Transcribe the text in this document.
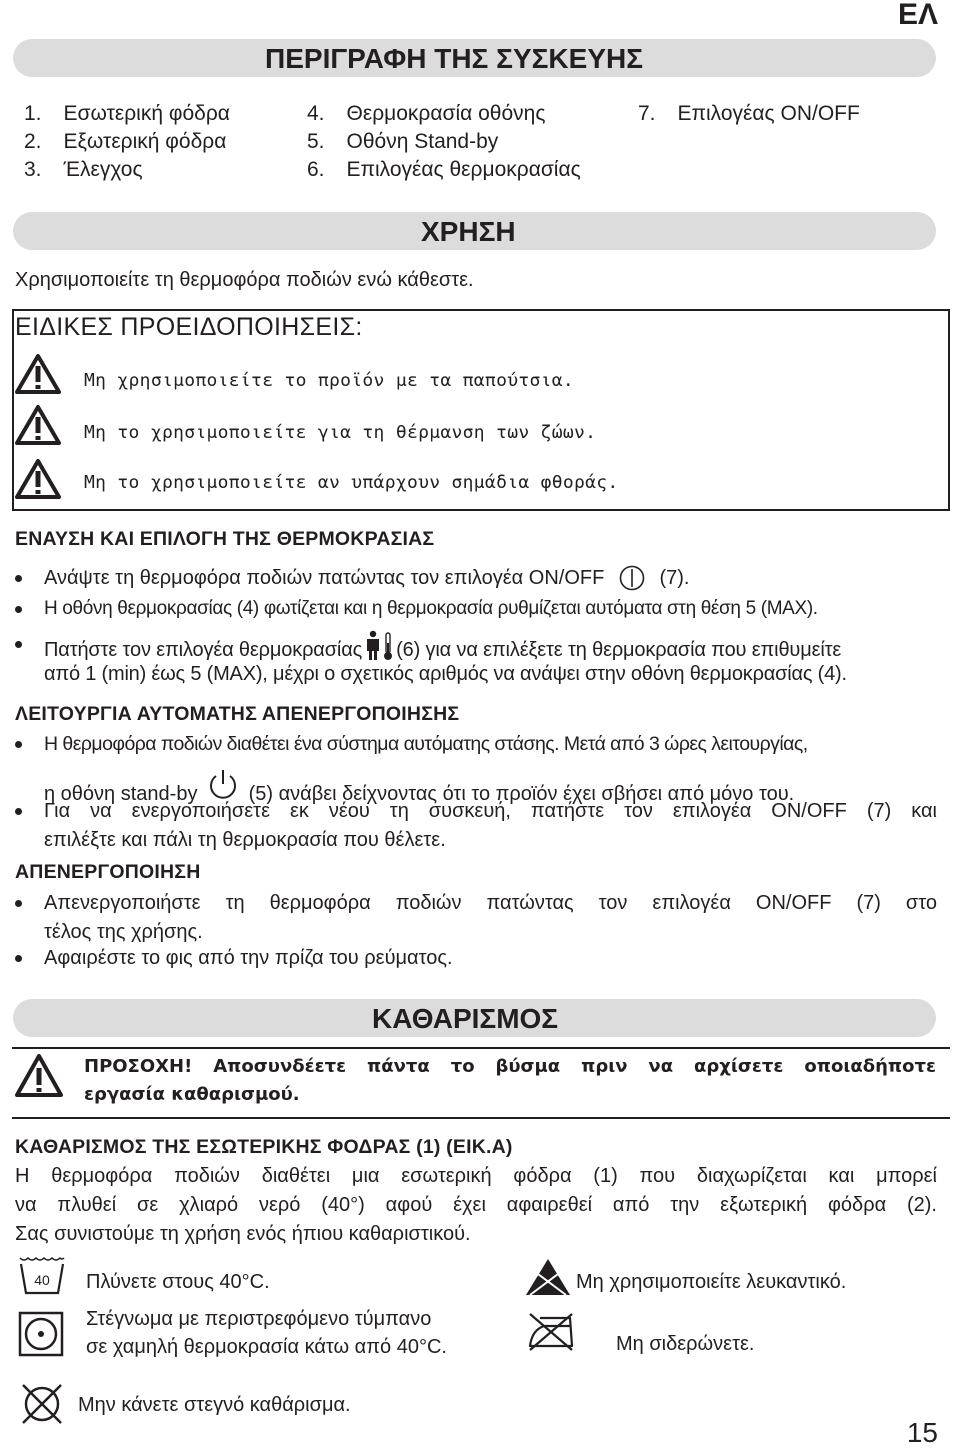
ΕΛ
ΠΕΡΙΓΡΑΦΗ ΤΗΣ ΣΥΣΚΕΥΗΣ
1. Εσωτερική φόδρα
2. Εξωτερική φόδρα
3. Έλεγχος
4. Θερμοκρασία οθόνης
5. Οθόνη Stand-by
6. Επιλογέας θερμοκρασίας
7. Επιλογέας ON/OFF
ΧΡΗΣΗ
Χρησιμοποιείτε τη θερμοφόρα ποδιών ενώ κάθεστε.
ΕΙΔΙΚΕΣ ΠΡΟΕΙΔΟΠΟΙΗΣΕΙΣ:
Μη χρησιμοποιείτε το προϊόν με τα παπούτσια.
Μη το χρησιμοποιείτε για τη θέρμανση των ζώων.
Μη το χρησιμοποιείτε αν υπάρχουν σημάδια φθοράς.
ΕΝΑΥΣΗ ΚΑΙ ΕΠΙΛΟΓΗ ΤΗΣ ΘΕΡΜΟΚΡΑΣΙΑΣ
Ανάψτε τη θερμοφόρα ποδιών πατώντας τον επιλογέα ON/OFF	(7).
Η οθόνη θερμοκρασίας (4) φωτίζεται και η θερμοκρασία ρυθμίζεται αυτόματα στη θέση 5 (MAX).
Πατήστε τον επιλογέα θερμοκρασίας (6) για να επιλέξετε τη θερμοκρασία που επιθυμείτε
από 1 (min) έως 5 (MAX), μέχρι ο σχετικός αριθμός να ανάψει στην οθόνη θερμοκρασίας (4).
ΛΕΙΤΟΥΡΓΙΑ ΑΥΤΟΜΑΤΗΣ ΑΠΕΝΕΡΓΟΠΟΙΗΣΗΣ
Η θερμοφόρα ποδιών διαθέτει ένα σύστημα αυτόματης στάσης. Μετά από 3 ώρες λειτουργίας,
η οθόνη stand-by	(5) ανάβει δείχνοντας ότι το προϊόν έχει σβήσει από μόνο του.
Για να ενεργοποιήσετε εκ νέου τη συσκευή, πατήστε τον επιλογέα ON/OFF (7) και
επιλέξτε και πάλι τη θερμοκρασία που θέλετε.
ΑΠΕΝΕΡΓΟΠΟΙΗΣΗ
Απενεργοποιήστε τη θερμοφόρα ποδιών πατώντας τον επιλογέα ON/OFF (7) στο
τέλος της χρήσης.
Αφαιρέστε το φις από την πρίζα του ρεύματος.
ΚΑΘΑΡΙΣΜΟΣ
ΠΡΟΣΟΧΗ! Αποσυνδέετε πάντα το βύσμα πριν να αρχίσετε οποιαδήποτε
εργασία καθαρισμού.
ΚΑΘΑΡΙΣΜΟΣ ΤΗΣ ΕΣΩΤΕΡΙΚΗΣ ΦΟΔΡΑΣ (1) (ΕΙΚ.A)
Η θερμοφόρα ποδιών διαθέτει μια εσωτερική φόδρα (1) που διαχωρίζεται και μπορεί
να πλυθεί σε χλιαρό νερό (40°) αφού έχει αφαιρεθεί από την εξωτερική φόδρα (2).
Σας συνιστούμε τη χρήση ενός ήπιου καθαριστικού.
40 Πλύνετε στους 40°C.	Μη χρησιμοποιείτε λευκαντικό.
Στέγνωμα με περιστρεφόμενο τύμπανο
σε χαμηλή θερμοκρασία κάτω από 40°C.	Μη σιδερώνετε.
Μην κάνετε στεγνό καθάρισμα.
15
